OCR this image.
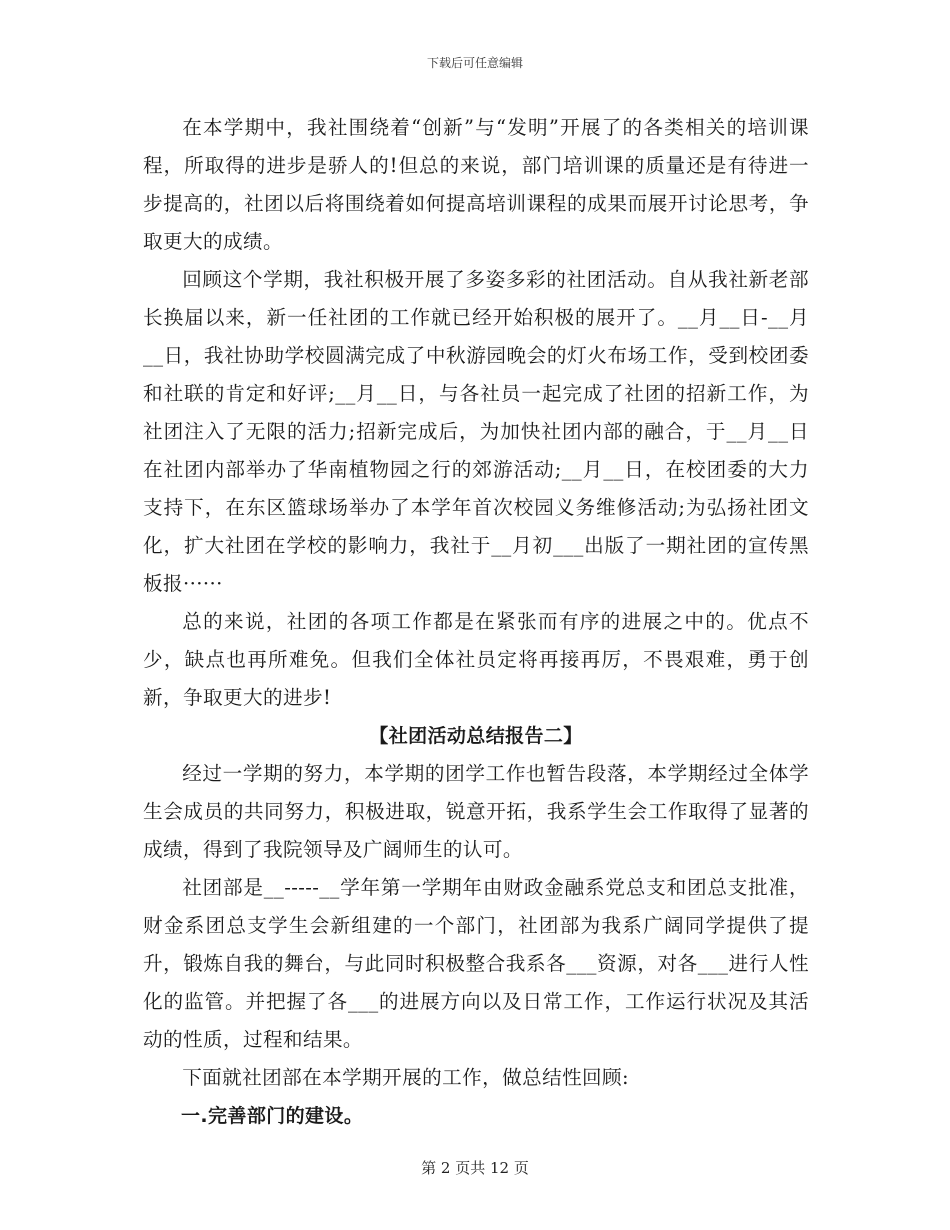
下载后可任意编辑

在本学期中，我社围绕着“创新”与“发明”开展了的各类相关的培训课程，所取得的进步是骄人的!但总的来说，部门培训课的质量还是有待进一步提高的，社团以后将围绕着如何提高培训课程的成果而展开讨论思考，争取更大的成绩。

回顾这个学期，我社积极开展了多姿多彩的社团活动。自从我社新老部长换届以来，新一任社团的工作就已经开始积极的展开了。__月__日-__月__日，我社协助学校圆满完成了中秋游园晚会的灯火布场工作，受到校团委和社联的肯定和好评;__月__日，与各社员一起完成了社团的招新工作，为社团注入了无限的活力;招新完成后，为加快社团内部的融合，于__月__日在社团内部举办了华南植物园之行的郊游活动;__月__日，在校团委的大力支持下，在东区篮球场举办了本学年首次校园义务维修活动;为弘扬社团文化，扩大社团在学校的影响力，我社于__月初___出版了一期社团的宣传黑板报······

总的来说，社团的各项工作都是在紧张而有序的进展之中的。优点不少，缺点也再所难免。但我们全体社员定将再接再厉，不畏艰难，勇于创新，争取更大的进步!

【社团活动总结报告二】

经过一学期的努力，本学期的团学工作也暂告段落，本学期经过全体学生会成员的共同努力，积极进取，锐意开拓，我系学生会工作取得了显著的成绩，得到了我院领导及广阔师生的认可。

社团部是__-----__学年第一学期年由财政金融系党总支和团总支批准，财金系团总支学生会新组建的一个部门，社团部为我系广阔同学提供了提升，锻炼自我的舞台，与此同时积极整合我系各___资源，对各___进行人性化的监管。并把握了各___的进展方向以及日常工作，工作运行状况及其活动的性质，过程和结果。

下面就社团部在本学期开展的工作，做总结性回顾:

一.完善部门的建设。

第 2 页共 12 页
